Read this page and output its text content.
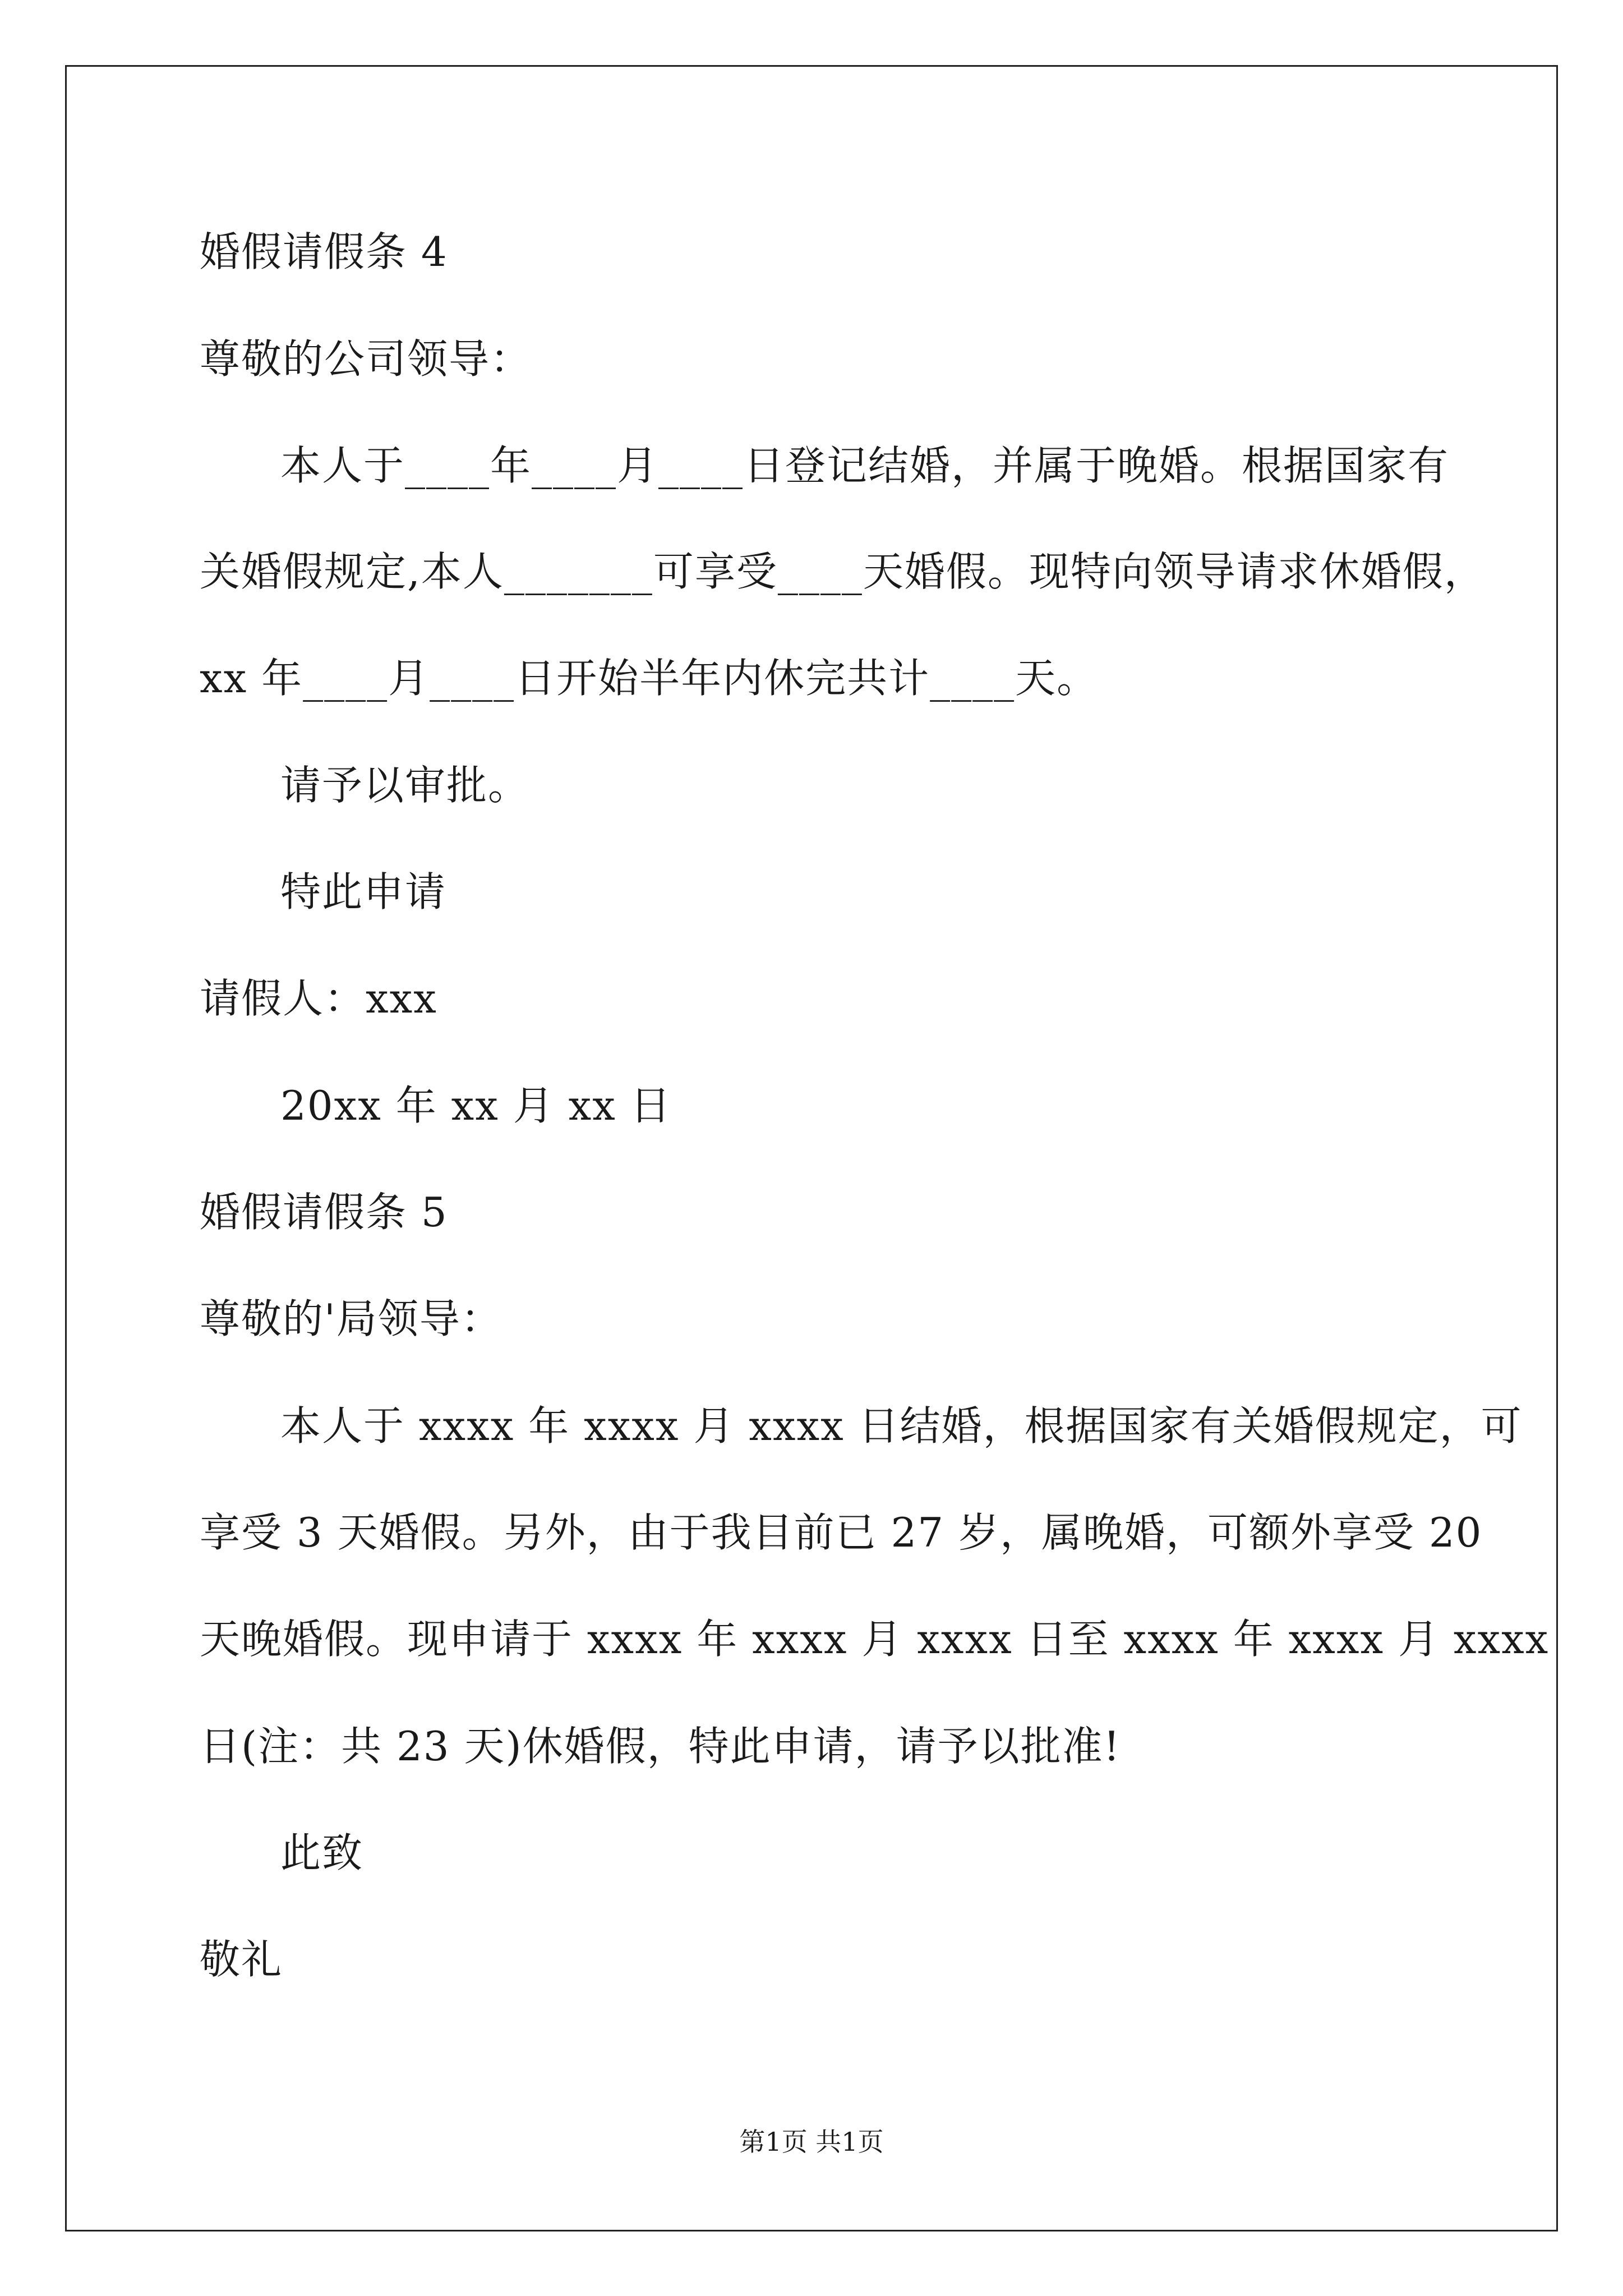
婚假请假条 4
尊敬的公司领导：
本人于____年____月____日登记结婚，并属于晚婚。根据国家有
关婚假规定,本人_______可享受____天婚假。现特向领导请求休婚假，
xx 年____月____日开始半年内休完共计____天。
请予以审批。
特此申请
请假人：xxx
20xx 年 xx 月 xx 日
婚假请假条 5
尊敬的'局领导：
本人于 xxxx 年 xxxx 月 xxxx 日结婚，根据国家有关婚假规定，可
享受 3 天婚假。另外，由于我目前已 27 岁，属晚婚，可额外享受 20
天晚婚假。现申请于 xxxx 年 xxxx 月 xxxx 日至 xxxx 年 xxxx 月 xxxx
日(注：共 23 天)休婚假，特此申请，请予以批准!
此致
敬礼
第1页 共1页
